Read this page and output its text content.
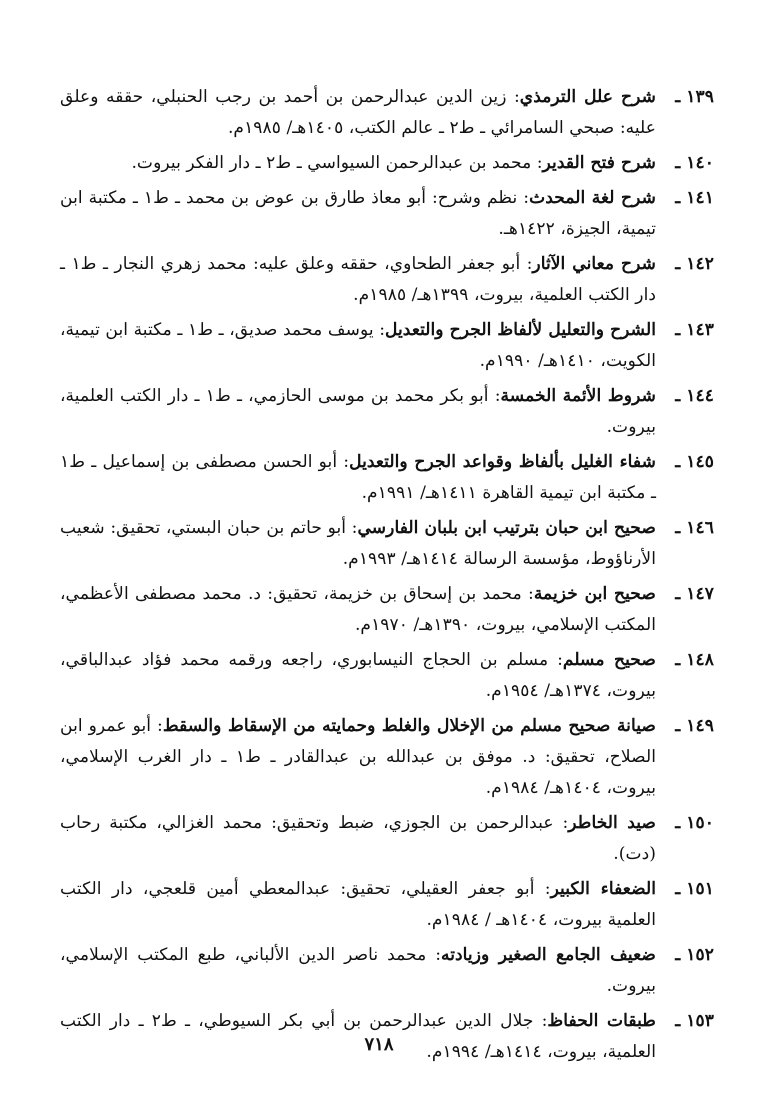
١٣٩ ـ
شرح علل الترمذي: زين الدين عبدالرحمن بن أحمد بن رجب الحنبلي، حققه وعلق عليه: صبحي السامرائي ـ ط٢ ـ عالم الكتب، ١٤٠٥هـ/ ١٩٨٥م.
١٤٠ ـ
شرح فتح القدير: محمد بن عبدالرحمن السيواسي ـ ط٢ ـ دار الفكر بيروت.
١٤١ ـ
شرح لغة المحدث: نظم وشرح: أبو معاذ طارق بن عوض بن محمد ـ ط١ ـ مكتبة ابن تيمية، الجيزة، ١٤٢٢هـ.
١٤٢ ـ
شرح معاني الآثار: أبو جعفر الطحاوي، حققه وعلق عليه: محمد زهري النجار ـ ط١ ـ دار الكتب العلمية، بيروت، ١٣٩٩هـ/ ١٩٨٥م.
١٤٣ ـ
الشرح والتعليل لألفاظ الجرح والتعديل: يوسف محمد صديق، ـ ط١ ـ مكتبة ابن تيمية، الكويت، ١٤١٠هـ/ ١٩٩٠م.
١٤٤ ـ
شروط الأئمة الخمسة: أبو بكر محمد بن موسى الحازمي، ـ ط١ ـ دار الكتب العلمية، بيروت.
١٤٥ ـ
شفاء الغليل بألفاظ وقواعد الجرح والتعديل: أبو الحسن مصطفى بن إسماعيل ـ ط١ ـ مكتبة ابن تيمية القاهرة ١٤١١هـ/ ١٩٩١م.
١٤٦ ـ
صحيح ابن حبان بترتيب ابن بلبان الفارسي: أبو حاتم بن حبان البستي، تحقيق: شعيب الأرناؤوط، مؤسسة الرسالة ١٤١٤هـ/ ١٩٩٣م.
١٤٧ ـ
صحيح ابن خزيمة: محمد بن إسحاق بن خزيمة، تحقيق: د. محمد مصطفى الأعظمي، المكتب الإسلامي، بيروت، ١٣٩٠هـ/ ١٩٧٠م.
١٤٨ ـ
صحيح مسلم: مسلم بن الحجاج النيسابوري، راجعه ورقمه محمد فؤاد عبدالباقي، بيروت، ١٣٧٤هـ/ ١٩٥٤م.
١٤٩ ـ
صيانة صحيح مسلم من الإخلال والغلط وحمايته من الإسقاط والسقط: أبو عمرو ابن الصلاح، تحقيق: د. موفق بن عبدالله بن عبدالقادر ـ ط١ ـ دار الغرب الإسلامي، بيروت، ١٤٠٤هـ/ ١٩٨٤م.
١٥٠ ـ
صيد الخاطر: عبدالرحمن بن الجوزي، ضبط وتحقيق: محمد الغزالي، مكتبة رحاب (دت).
١٥١ ـ
الضعفاء الكبير: أبو جعفر العقيلي، تحقيق: عبدالمعطي أمين قلعجي، دار الكتب العلمية بيروت، ١٤٠٤هـ / ١٩٨٤م.
١٥٢ ـ
ضعيف الجامع الصغير وزيادته: محمد ناصر الدين الألباني، طبع المكتب الإسلامي، بيروت.
١٥٣ ـ
طبقات الحفاظ: جلال الدين عبدالرحمن بن أبي بكر السيوطي، ـ ط٢ ـ دار الكتب العلمية، بيروت، ١٤١٤هـ/ ١٩٩٤م.
٧١٨
